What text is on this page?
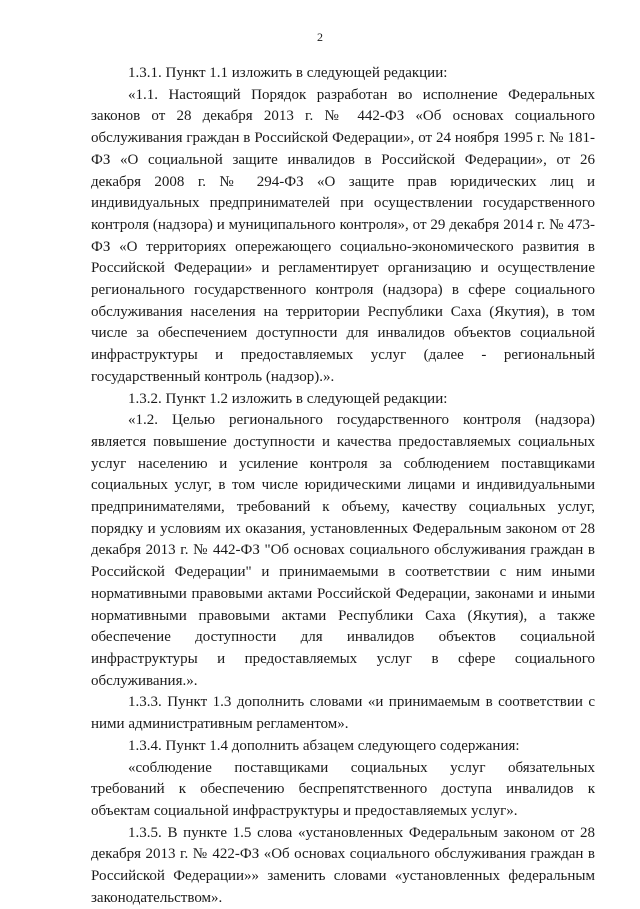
2

1.3.1. Пункт 1.1 изложить в следующей редакции:

«1.1. Настоящий Порядок разработан во исполнение Федеральных законов от 28 декабря 2013 г. № 442-ФЗ «Об основах социального обслуживания граждан в Российской Федерации», от 24 ноября 1995 г. № 181-ФЗ «О социальной защите инвалидов в Российской Федерации», от 26 декабря 2008 г. № 294-ФЗ «О защите прав юридических лиц и индивидуальных предпринимателей при осуществлении государственного контроля (надзора) и муниципального контроля», от 29 декабря 2014 г. № 473-ФЗ «О территориях опережающего социально-экономического развития в Российской Федерации» и регламентирует организацию и осуществление регионального государственного контроля (надзора) в сфере социального обслуживания населения на территории Республики Саха (Якутия), в том числе за обеспечением доступности для инвалидов объектов социальной инфраструктуры и предоставляемых услуг (далее - региональный государственный контроль (надзор).».

1.3.2. Пункт 1.2 изложить в следующей редакции:

«1.2. Целью регионального государственного контроля (надзора) является повышение доступности и качества предоставляемых социальных услуг населению и усиление контроля за соблюдением поставщиками социальных услуг, в том числе юридическими лицами и индивидуальными предпринимателями, требований к объему, качеству социальных услуг, порядку и условиям их оказания, установленных Федеральным законом от 28 декабря 2013 г. № 442-ФЗ "Об основах социального обслуживания граждан в Российской Федерации" и принимаемыми в соответствии с ним иными нормативными правовыми актами Российской Федерации, законами и иными нормативными правовыми актами Республики Саха (Якутия), а также обеспечение доступности для инвалидов объектов социальной инфраструктуры и предоставляемых услуг в сфере социального обслуживания.».

1.3.3. Пункт 1.3 дополнить словами «и принимаемым в соответствии с ними административным регламентом».

1.3.4. Пункт 1.4 дополнить абзацем следующего содержания:

«соблюдение поставщиками социальных услуг обязательных требований к обеспечению беспрепятственного доступа инвалидов к объектам социальной инфраструктуры и предоставляемых услуг».

1.3.5. В пункте 1.5 слова «установленных Федеральным законом от 28 декабря 2013 г. № 422-ФЗ «Об основах социального обслуживания граждан в Российской Федерации»» заменить словами «установленных федеральным законодательством».
